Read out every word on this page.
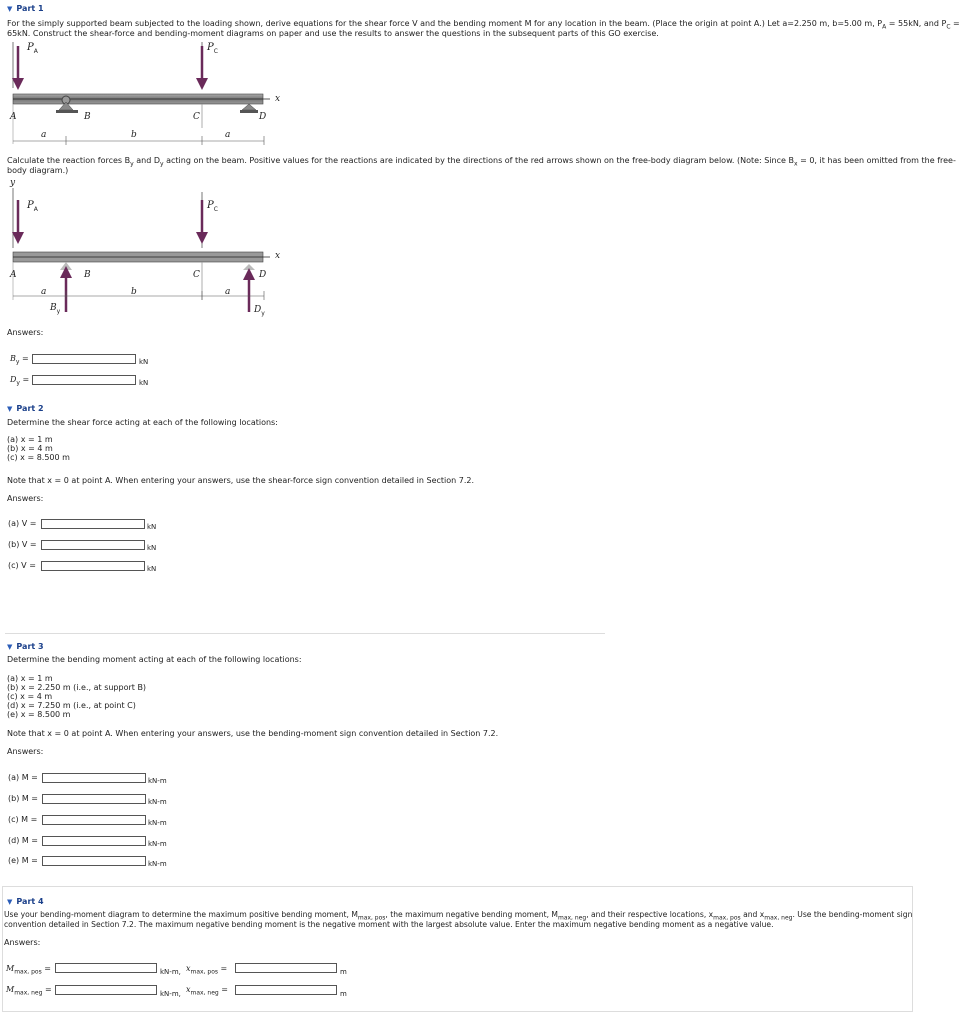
▼ Part 1
For the simply supported beam subjected to the loading shown, derive equations for the shear force V and the bending moment M for any location in the beam. (Place the origin at point A.) Let a=2.250 m, b=5.00 m, $P_A = 55kN$, and $P_C$ =
65kN. Construct the shear-force and bending-moment diagrams on paper and use the results to answer the questions in the subsequent parts of this GO exercise.
$P_A$	$P_C$
x
A	B	C	D
a	b	a
Calculate the reaction forces $B_y$ and $D_y$ acting on the beam. Positive values for the reactions are indicated by the directions of the red arrows shown on the free-body diagram below. (Note: Since $B_x = 0$, it has been omitted from the free-
body diagram.)
y
$P_A$	$P_C$
x
A	B	C	D
a	b	a
$B_y$	$D_y$
Answers:
$B_y$ =	kN
$D_y$ =	kN
▼ Part 2
Determine the shear force acting at each of the following locations:
(a) x = 1 m
(b) x = 4 m
(c) x = 8.500 m
Note that x = 0 at point A. When entering your answers, use the shear-force sign convention detailed in Section 7.2.
Answers:
(a) V =	kN
(b) V =	kN
(c) V =	kN
▼ Part 3
Determine the bending moment acting at each of the following locations:
(a) x = 1 m
(b) x = 2.250 m (i.e., at support B)
(c) x = 4 m
(d) x = 7.250 m (i.e., at point C)
(e) x = 8.500 m
Note that x = 0 at point A. When entering your answers, use the bending-moment sign convention detailed in Section 7.2.
Answers:
(a) M =	kN-m
(b) M =	kN-m
(c) M =	kN-m
(d) M =	kN-m
(e) M =	kN-m
▼ Part 4
Use your bending-moment diagram to determine the maximum positive bending moment, $M_{max, pos}$, the maximum negative bending moment, $M_{max, neg}$, and their respective locations, $x_{max, pos}$ and $x_{max, neg}$. Use the bending-moment sign
convention detailed in Section 7.2. The maximum negative bending moment is the negative moment with the largest absolute value. Enter the maximum negative bending moment as a negative value.
Answers:
$M_{max, pos}$ =	kN-m, $x_{max, pos}$ =	m
$M_{max, neg}$ =	kN-m, $x_{max, neg}$ =	m
